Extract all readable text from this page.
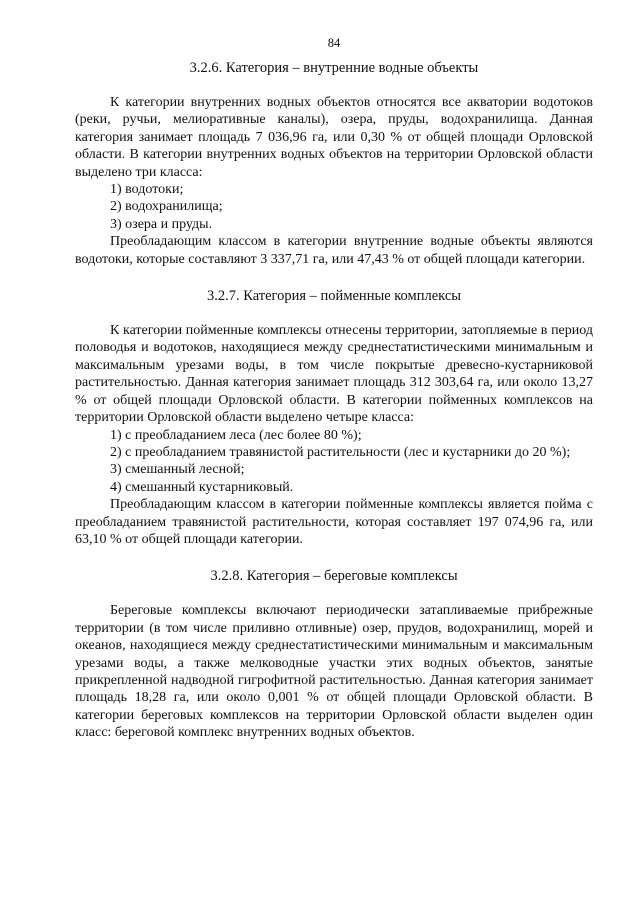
84
3.2.6. Категория – внутренние водные объекты

К категории внутренних водных объектов относятся все акватории водотоков (реки, ручьи, мелиоративные каналы), озера, пруды, водохранилища. Данная категория занимает площадь 7 036,96 га, или 0,30 % от общей площади Орловской области. В категории внутренних водных объектов на территории Орловской области выделено три класса:

1) водотоки;
2) водохранилища;
3) озера и пруды.

Преобладающим классом в категории внутренние водные объекты являются водотоки, которые составляют 3 337,71 га, или 47,43 % от общей площади категории.

3.2.7. Категория – пойменные комплексы

К категории пойменные комплексы отнесены территории, затопляемые в период половодья и водотоков, находящиеся между среднестатистическими минимальным и максимальным урезами воды, в том числе покрытые древесно-кустарниковой растительностью. Данная категория занимает площадь 312 303,64 га, или около 13,27 % от общей площади Орловской области. В категории пойменных комплексов на территории Орловской области выделено четыре класса:

1) с преобладанием леса (лес более 80 %);
2) с преобладанием травянистой растительности (лес и кустарники до 20 %);
3) смешанный лесной;
4) смешанный кустарниковый.

Преобладающим классом в категории пойменные комплексы является пойма с преобладанием травянистой растительности, которая составляет 197 074,96 га, или 63,10 % от общей площади категории.

3.2.8. Категория – береговые комплексы

Береговые комплексы включают периодически затапливаемые прибрежные территории (в том числе приливно отливные) озер, прудов, водохранилищ, морей и океанов, находящиеся между среднестатистическими минимальным и максимальным урезами воды, а также мелководные участки этих водных объектов, занятые прикрепленной надводной гигрофитной растительностью. Данная категория занимает площадь 18,28 га, или около 0,001 % от общей площади Орловской области. В категории береговых комплексов на территории Орловской области выделен один класс: береговой комплекс внутренних водных объектов.
